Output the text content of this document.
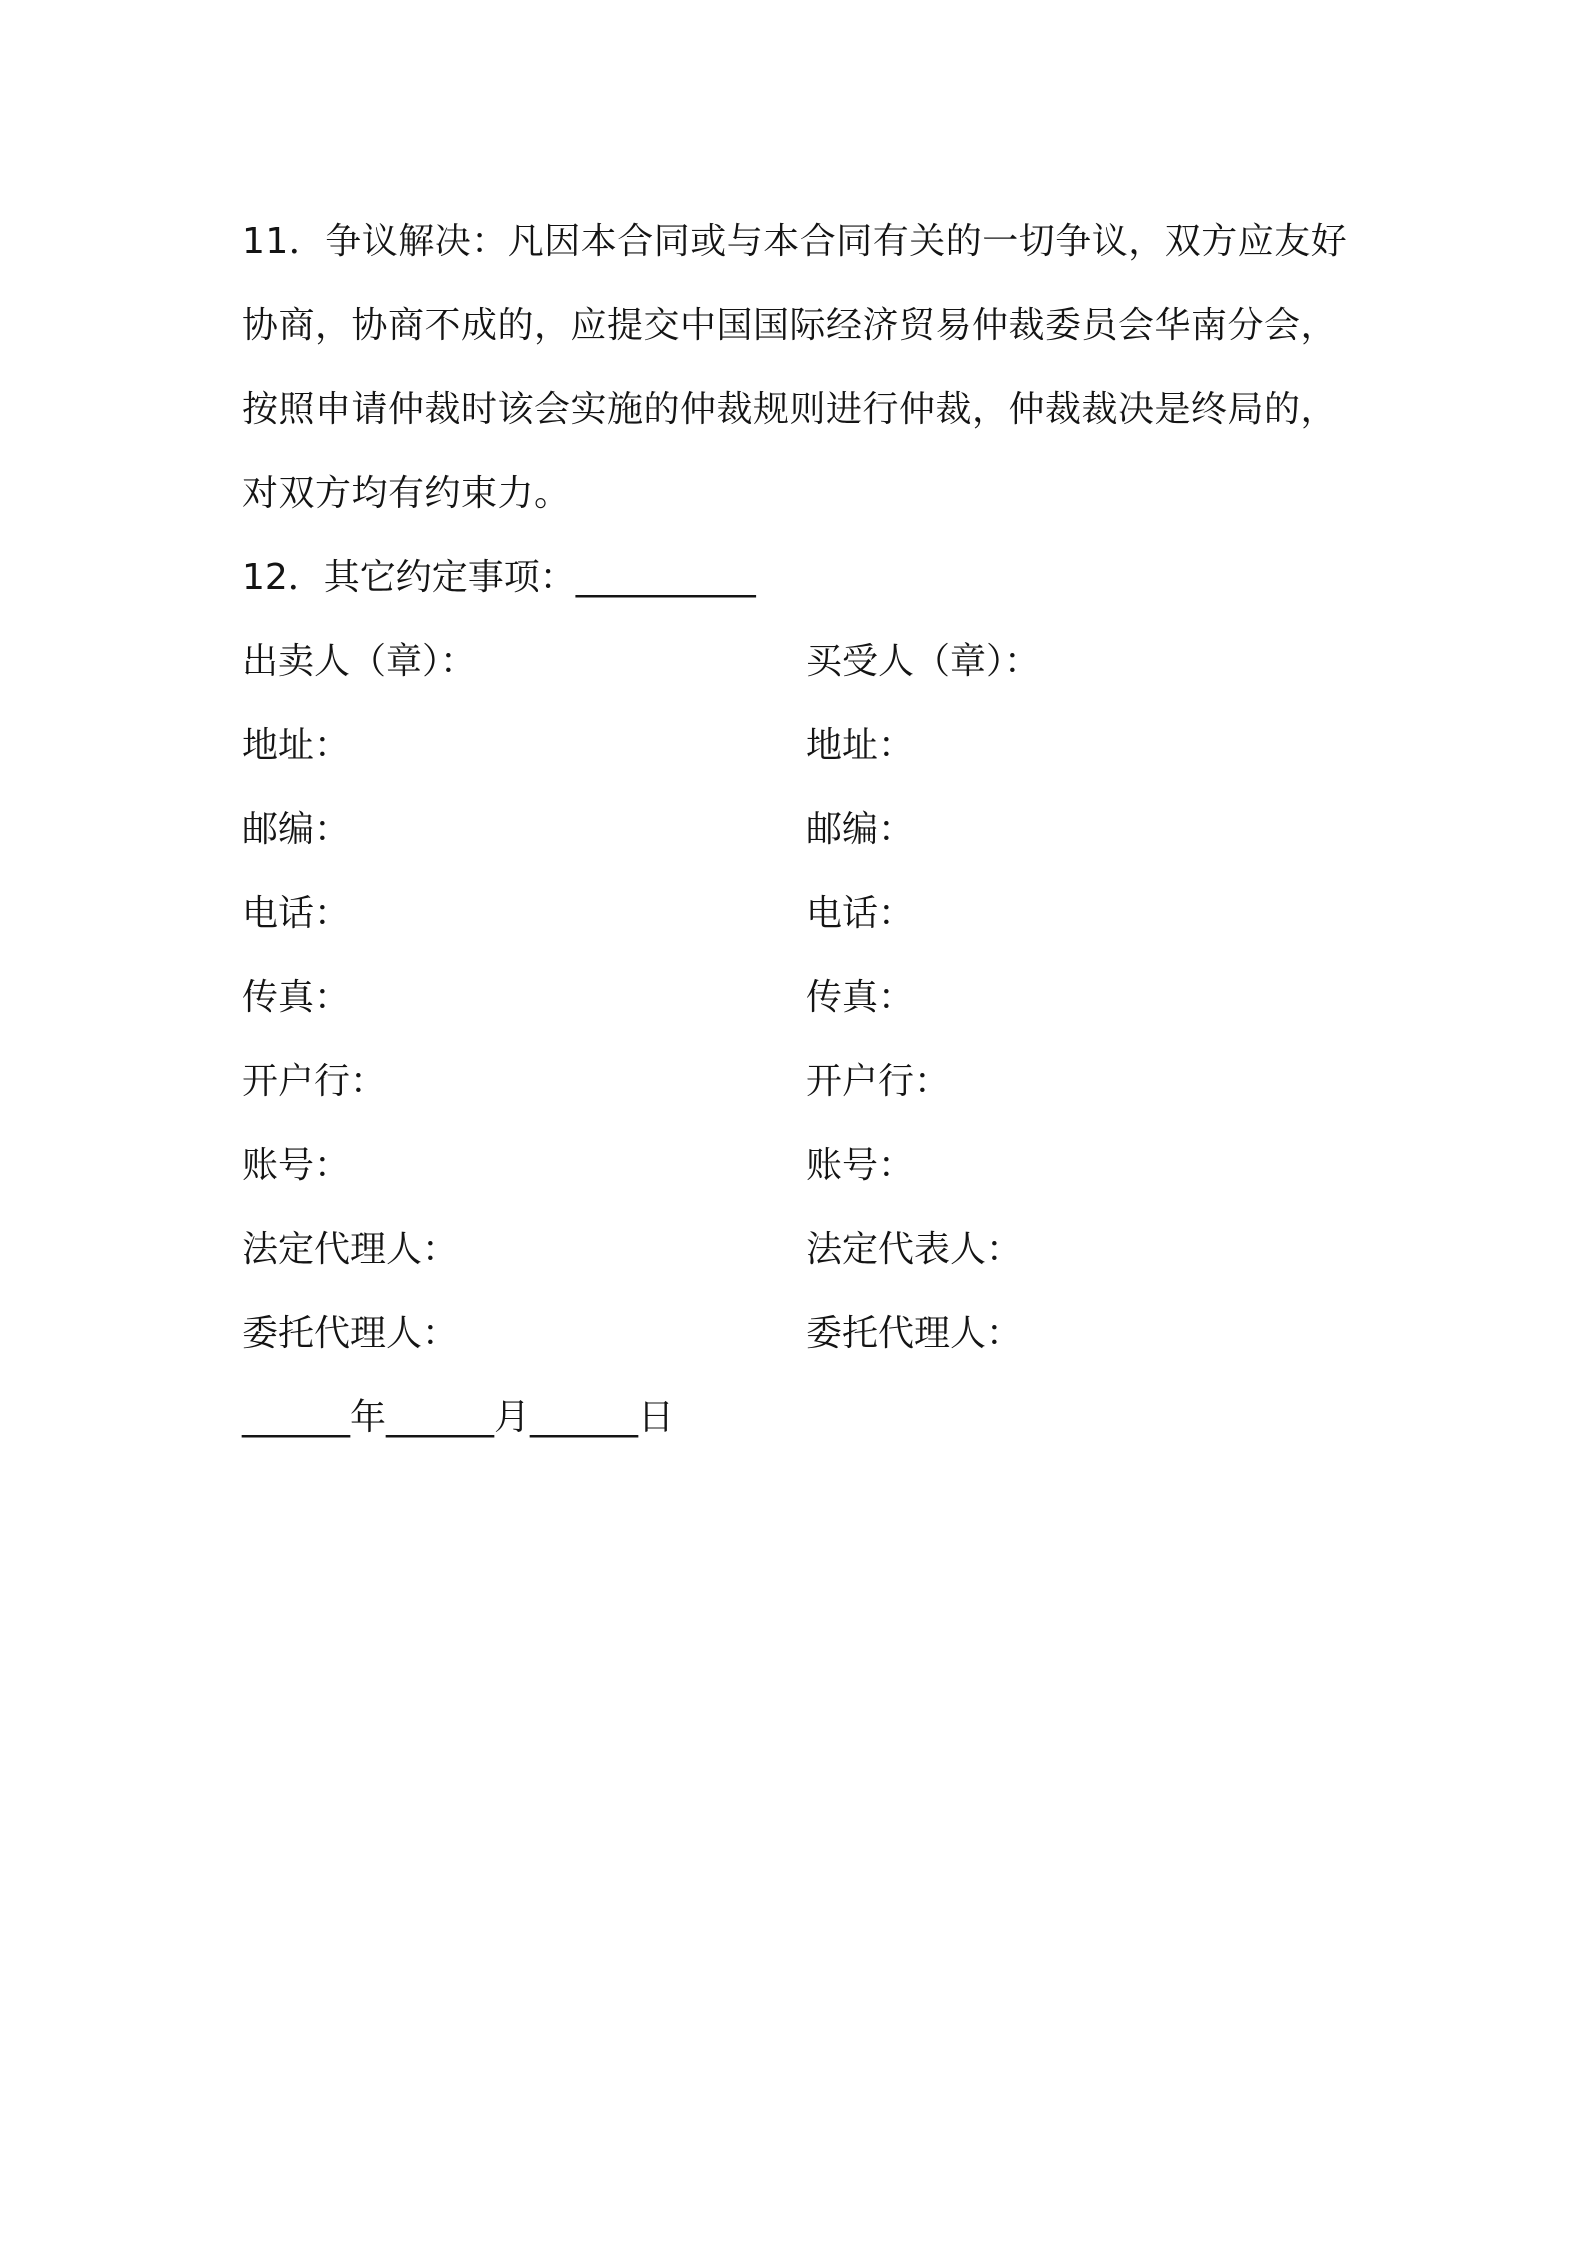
11．争议解决：凡因本合同或与本合同有关的一切争议，双方应友好

协商，协商不成的，应提交中国国际经济贸易仲裁委员会华南分会，

按照申请仲裁时该会实施的仲裁规则进行仲裁，仲裁裁决是终局的，

对双方均有约束力。

12．其它约定事项：__________

出卖人（章）：	买受人（章）：
地址：	地址：
邮编：	邮编：
电话：	电话：
传真：	传真：
开户行：	开户行：
账号：	账号：
法定代理人：	法定代表人：
委托代理人：	委托代理人：
______年______月______日
